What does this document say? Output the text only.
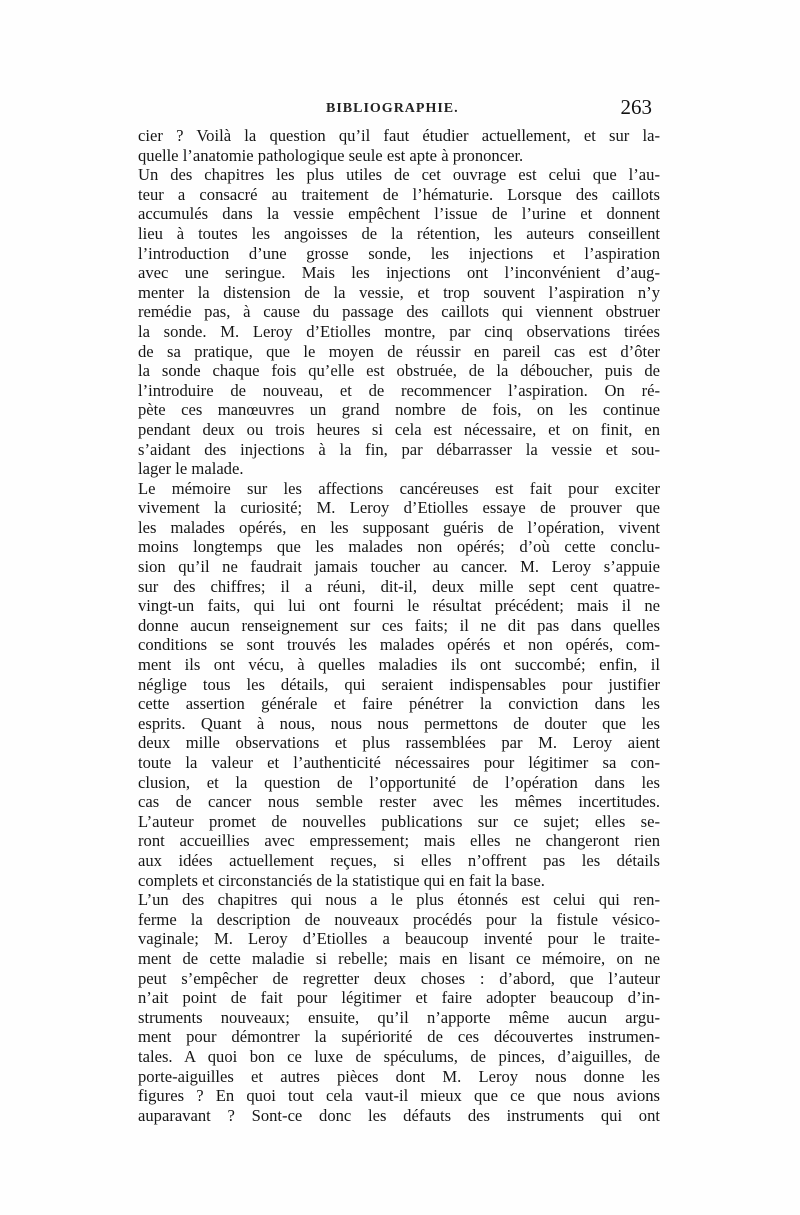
BIBLIOGRAPHIE.	263
cier ? Voilà la question qu’il faut étudier actuellement, et sur la-
quelle l’anatomie pathologique seule est apte à prononcer.
Un des chapitres les plus utiles de cet ouvrage est celui que l’au-
teur a consacré au traitement de l’hématurie. Lorsque des caillots
accumulés dans la vessie empêchent l’issue de l’urine et donnent
lieu à toutes les angoisses de la rétention, les auteurs conseillent
l’introduction d’une grosse sonde, les injections et l’aspiration
avec une seringue. Mais les injections ont l’inconvénient d’aug-
menter la distension de la vessie, et trop souvent l’aspiration n’y
remédie pas, à cause du passage des caillots qui viennent obstruer
la sonde. M. Leroy d’Etiolles montre, par cinq observations tirées
de sa pratique, que le moyen de réussir en pareil cas est d’ôter
la sonde chaque fois qu’elle est obstruée, de la déboucher, puis de
l’introduire de nouveau, et de recommencer l’aspiration. On ré-
pète ces manœuvres un grand nombre de fois, on les continue
pendant deux ou trois heures si cela est nécessaire, et on finit, en
s’aidant des injections à la fin, par débarrasser la vessie et sou-
lager le malade.
Le mémoire sur les affections cancéreuses est fait pour exciter
vivement la curiosité; M. Leroy d’Etiolles essaye de prouver que
les malades opérés, en les supposant guéris de l’opération, vivent
moins longtemps que les malades non opérés; d’où cette conclu-
sion qu’il ne faudrait jamais toucher au cancer. M. Leroy s’appuie
sur des chiffres; il a réuni, dit-il, deux mille sept cent quatre-
vingt-un faits, qui lui ont fourni le résultat précédent; mais il ne
donne aucun renseignement sur ces faits; il ne dit pas dans quelles
conditions se sont trouvés les malades opérés et non opérés, com-
ment ils ont vécu, à quelles maladies ils ont succombé; enfin, il
néglige tous les détails, qui seraient indispensables pour justifier
cette assertion générale et faire pénétrer la conviction dans les
esprits. Quant à nous, nous nous permettons de douter que les
deux mille observations et plus rassemblées par M. Leroy aient
toute la valeur et l’authenticité nécessaires pour légitimer sa con-
clusion, et la question de l’opportunité de l’opération dans les
cas de cancer nous semble rester avec les mêmes incertitudes.
L’auteur promet de nouvelles publications sur ce sujet; elles se-
ront accueillies avec empressement; mais elles ne changeront rien
aux idées actuellement reçues, si elles n’offrent pas les détails
complets et circonstanciés de la statistique qui en fait la base.
L’un des chapitres qui nous a le plus étonnés est celui qui ren-
ferme la description de nouveaux procédés pour la fistule vésico-
vaginale; M. Leroy d’Etiolles a beaucoup inventé pour le traite-
ment de cette maladie si rebelle; mais en lisant ce mémoire, on ne
peut s’empêcher de regretter deux choses : d’abord, que l’auteur
n’ait point de fait pour légitimer et faire adopter beaucoup d’in-
struments nouveaux; ensuite, qu’il n’apporte même aucun argu-
ment pour démontrer la supériorité de ces découvertes instrumen-
tales. A quoi bon ce luxe de spéculums, de pinces, d’aiguilles, de
porte-aiguilles et autres pièces dont M. Leroy nous donne les
figures ? En quoi tout cela vaut-il mieux que ce que nous avions
auparavant ? Sont-ce donc les défauts des instruments qui ont
